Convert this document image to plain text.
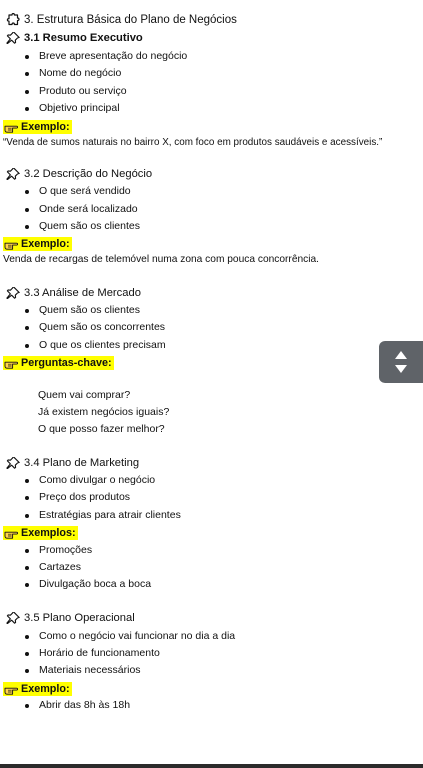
3. Estrutura Básica do Plano de Negócios
3.1 Resumo Executivo
Breve apresentação do negócio
Nome do negócio
Produto ou serviço
Objetivo principal
Exemplo:
“Venda de sumos naturais no bairro X, com foco em produtos saudáveis e acessíveis.”
3.2 Descrição do Negócio
O que será vendido
Onde será localizado
Quem são os clientes
Exemplo:
Venda de recargas de telemóvel numa zona com pouca concorrência.
3.3 Análise de Mercado
Quem são os clientes
Quem são os concorrentes
O que os clientes precisam
Perguntas-chave:
Quem vai comprar?
Já existem negócios iguais?
O que posso fazer melhor?
3.4 Plano de Marketing
Como divulgar o negócio
Preço dos produtos
Estratégias para atrair clientes
Exemplos:
Promoções
Cartazes
Divulgação boca a boca
3.5 Plano Operacional
Como o negócio vai funcionar no dia a dia
Horário de funcionamento
Materiais necessários
Exemplo:
Abrir das 8h às 18h
